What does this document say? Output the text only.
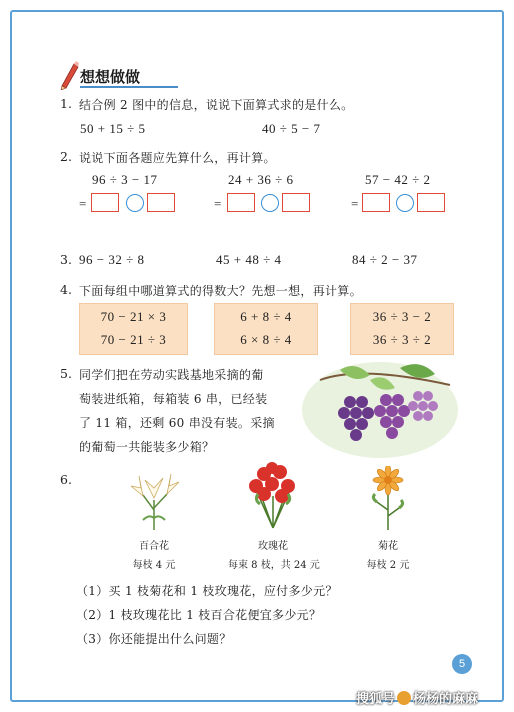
想想做做
1. 结合例 2 图中的信息，说说下面算式求的是什么。
50 + 15 ÷ 5	40 ÷ 5 − 7
2. 说说下面各题应先算什么，再计算。
96 ÷ 3 − 17
=
24 + 36 ÷ 6
=
57 − 42 ÷ 2
=
3. 96 − 32 ÷ 8	45 + 48 ÷ 4	84 ÷ 2 − 37
4. 下面每组中哪道算式的得数大？先想一想，再计算。
70 − 21 × 3
70 − 21 ÷ 3
6 + 8 ÷ 4
6 × 8 ÷ 4
36 ÷ 3 − 2
36 ÷ 3 ÷ 2
5. 同学们把在劳动实践基地采摘的葡
萄装进纸箱，每箱装 6 串，已经装
了 11 箱，还剩 60 串没有装。采摘
的葡萄一共能装多少箱？
6.
百合花
每枝 4 元
玫瑰花
每束 8 枝，共 24 元
菊花
每枝 2 元
（1）买 1 枝菊花和 1 枝玫瑰花，应付多少元？
（2）1 枝玫瑰花比 1 枝百合花便宜多少元？
（3）你还能提出什么问题？
5
搜狐号 杨杨的麻麻
